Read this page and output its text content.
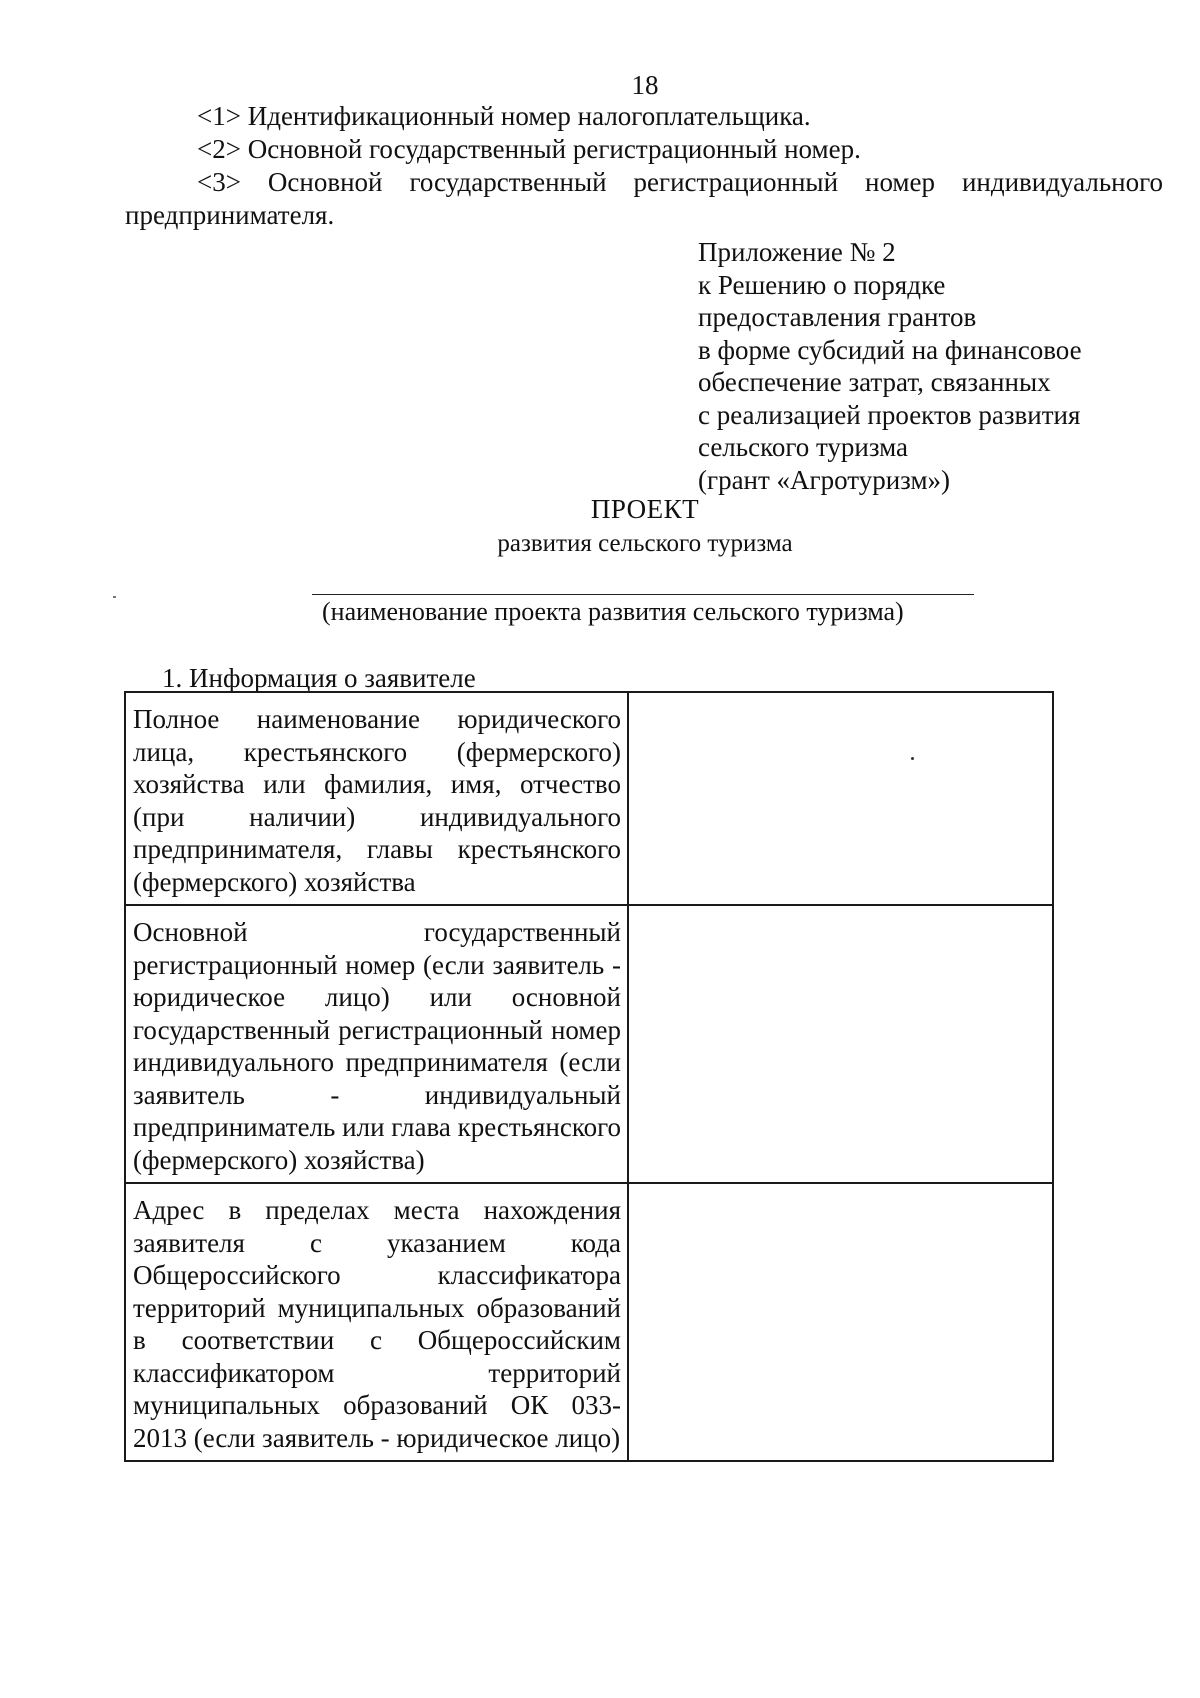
18
<1> Идентификационный номер налогоплательщика.
<2> Основной государственный регистрационный номер.
<3> Основной государственный регистрационный номер индивидуального предпринимателя.
Приложение № 2
к Решению о порядке
предоставления грантов
в форме субсидий на финансовое
обеспечение затрат, связанных
с реализацией проектов развития
сельского туризма
(грант «Агротуризм»)
ПРОЕКТ
развития сельского туризма
(наименование проекта развития сельского туризма)
1. Информация о заявителе
Полное наименование юридического лица, крестьянского (фермерского) хозяйства или фамилия, имя, отчество (при наличии) индивидуального предпринимателя, главы крестьянского (фермерского) хозяйства	

Основной государственный регистрационный номер (если заявитель - юридическое лицо) или основной государственный регистрационный номер индивидуального предпринимателя (если заявитель - индивидуальный предприниматель или глава крестьянского (фермерского) хозяйства)	
Адрес в пределах места нахождения заявителя с указанием кода Общероссийского классификатора территорий муниципальных образований в соответствии с Общероссийским классификатором территорий муниципальных образований ОК 033-2013 (если заявитель - юридическое лицо)	
